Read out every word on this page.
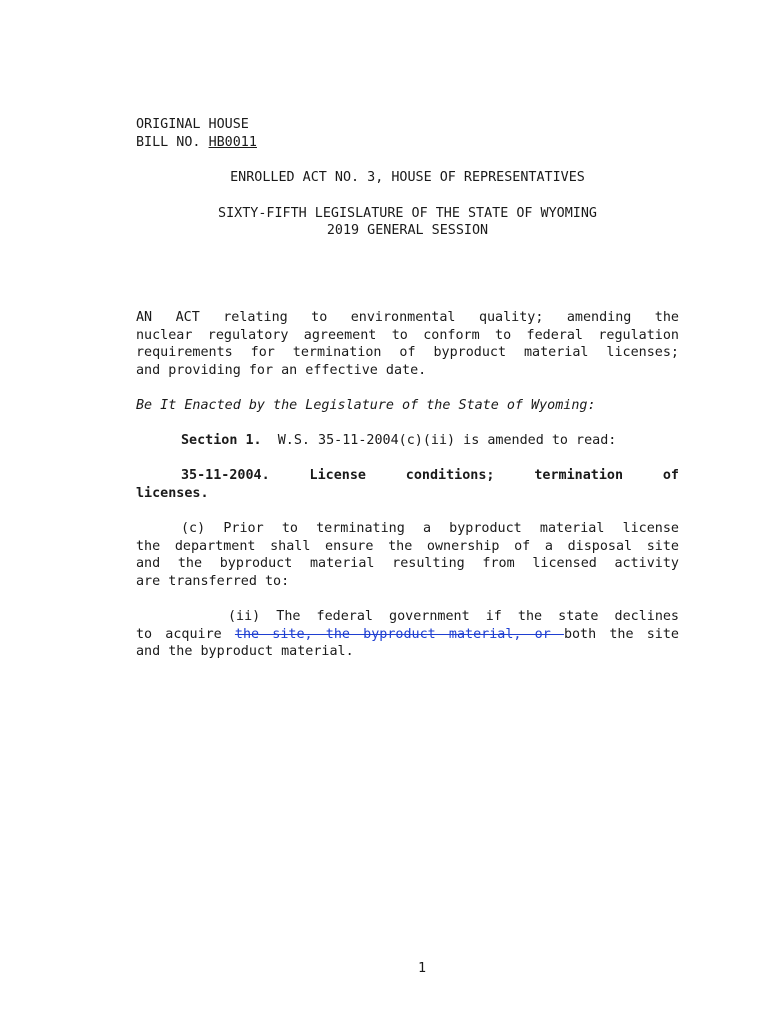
ORIGINAL HOUSE
BILL NO. HB0011
ENROLLED ACT NO. 3, HOUSE OF REPRESENTATIVES
SIXTY-FIFTH LEGISLATURE OF THE STATE OF WYOMING
2019 GENERAL SESSION
AN ACT relating to environmental quality; amending the
nuclear regulatory agreement to conform to federal regulation
requirements for termination of byproduct material licenses;
and providing for an effective date.
Be It Enacted by the Legislature of the State of Wyoming:
Section 1. W.S. 35-11-2004(c)(ii) is amended to read:
35-11-2004. License conditions; termination of
licenses.
(c) Prior to terminating a byproduct material license
the department shall ensure the ownership of a disposal site
and the byproduct material resulting from licensed activity
are transferred to:
(ii) The federal government if the state declines
to acquire the site, the byproduct material, or both the site
and the byproduct material.
1
